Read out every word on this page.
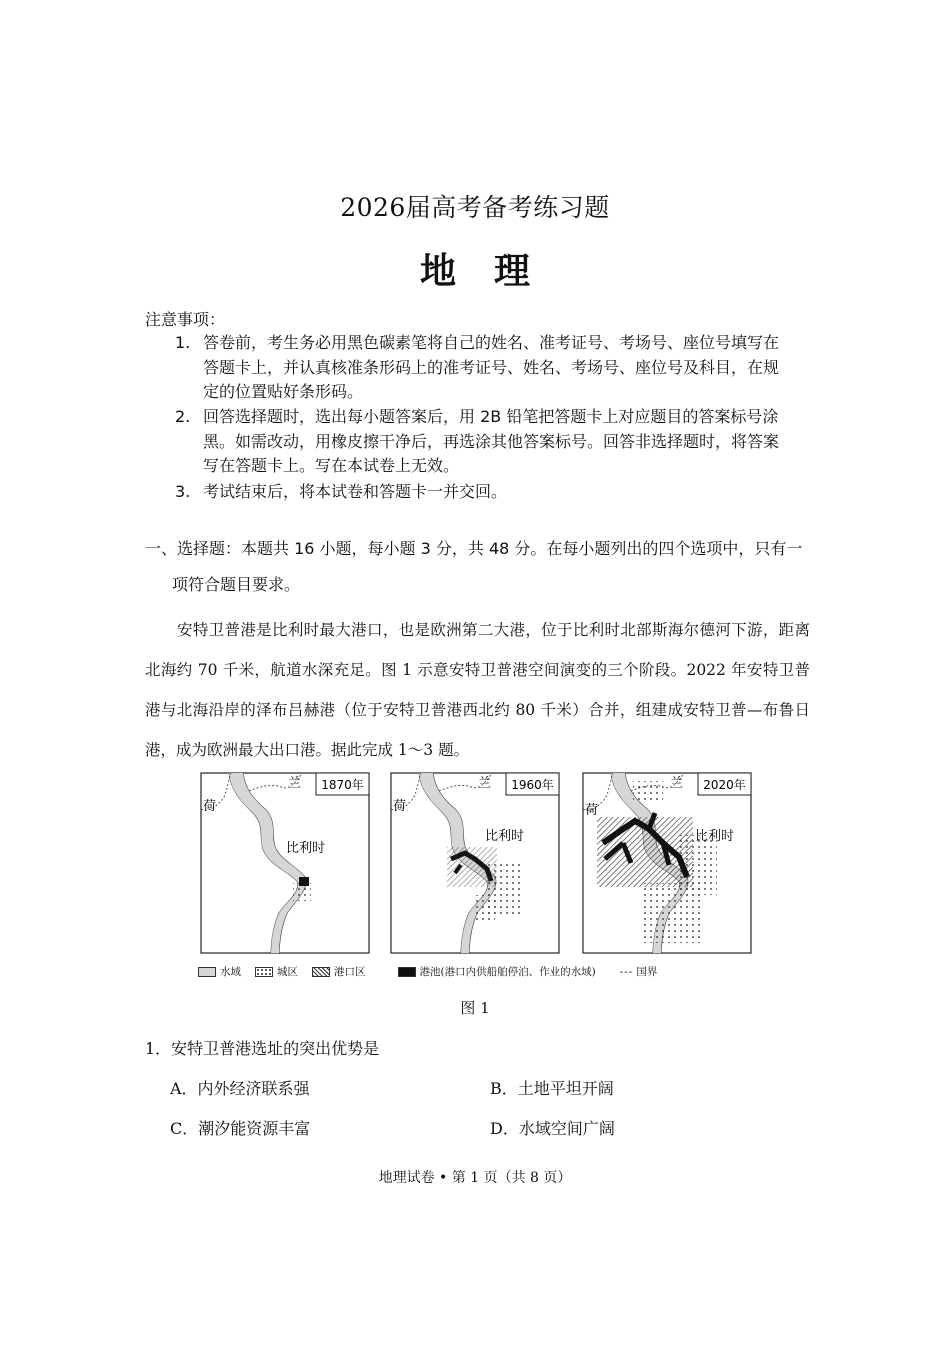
2026届高考备考练习题
地理
注意事项：
1. 答卷前，考生务必用黑色碳素笔将自己的姓名、准考证号、考场号、座位号填写在
答题卡上，并认真核准条形码上的准考证号、姓名、考场号、座位号及科目，在规
定的位置贴好条形码。
2. 回答选择题时，选出每小题答案后，用 2B 铅笔把答题卡上对应题目的答案标号涂
黑。如需改动，用橡皮擦干净后，再选涂其他答案标号。回答非选择题时，将答案
写在答题卡上。写在本试卷上无效。
3. 考试结束后，将本试卷和答题卡一并交回。
一、选择题：本题共 16 小题，每小题 3 分，共 48 分。在每小题列出的四个选项中，只有一
项符合题目要求。
安特卫普港是比利时最大港口，也是欧洲第二大港，位于比利时北部斯海尔德河下游，距离北海约 70 千米，航道水深充足。图 1 示意安特卫普港空间演变的三个阶段。2022 年安特卫普港与北海沿岸的泽布吕赫港（位于安特卫普港西北约 80 千米）合并，组建成安特卫普—布鲁日港，成为欧洲最大出口港。据此完成 1～3 题。
1870年
兰
荷
比利时
1960年
兰
荷
比利时
2020年
兰
荷
比利时
水域	城区	港口区	港池(港口内供船舶停泊、作业的水域) --- 国界
图 1
1．安特卫普港选址的突出优势是
A．内外经济联系强	B．土地平坦开阔
C．潮汐能资源丰富	D．水域空间广阔
地理试卷 • 第 1 页（共 8 页）
